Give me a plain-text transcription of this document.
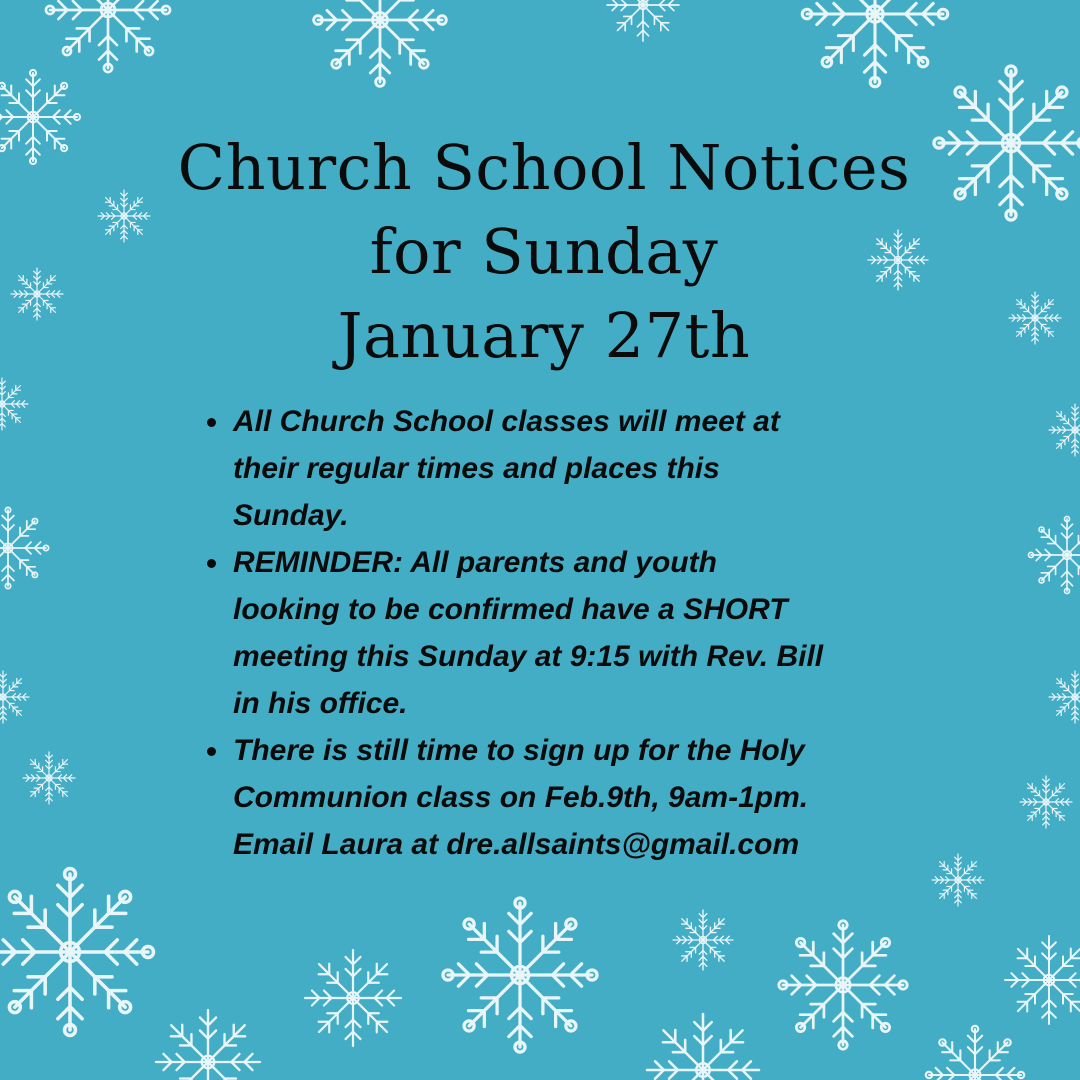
Church School Notices
for Sunday
January 27th
All Church School classes will meet at
their regular times and places this
Sunday.
REMINDER: All parents and youth
looking to be confirmed have a SHORT
meeting this Sunday at 9:15 with Rev. Bill
in his office.
There is still time to sign up for the Holy
Communion class on Feb.9th, 9am-1pm.
Email Laura at dre.allsaints@gmail.com
